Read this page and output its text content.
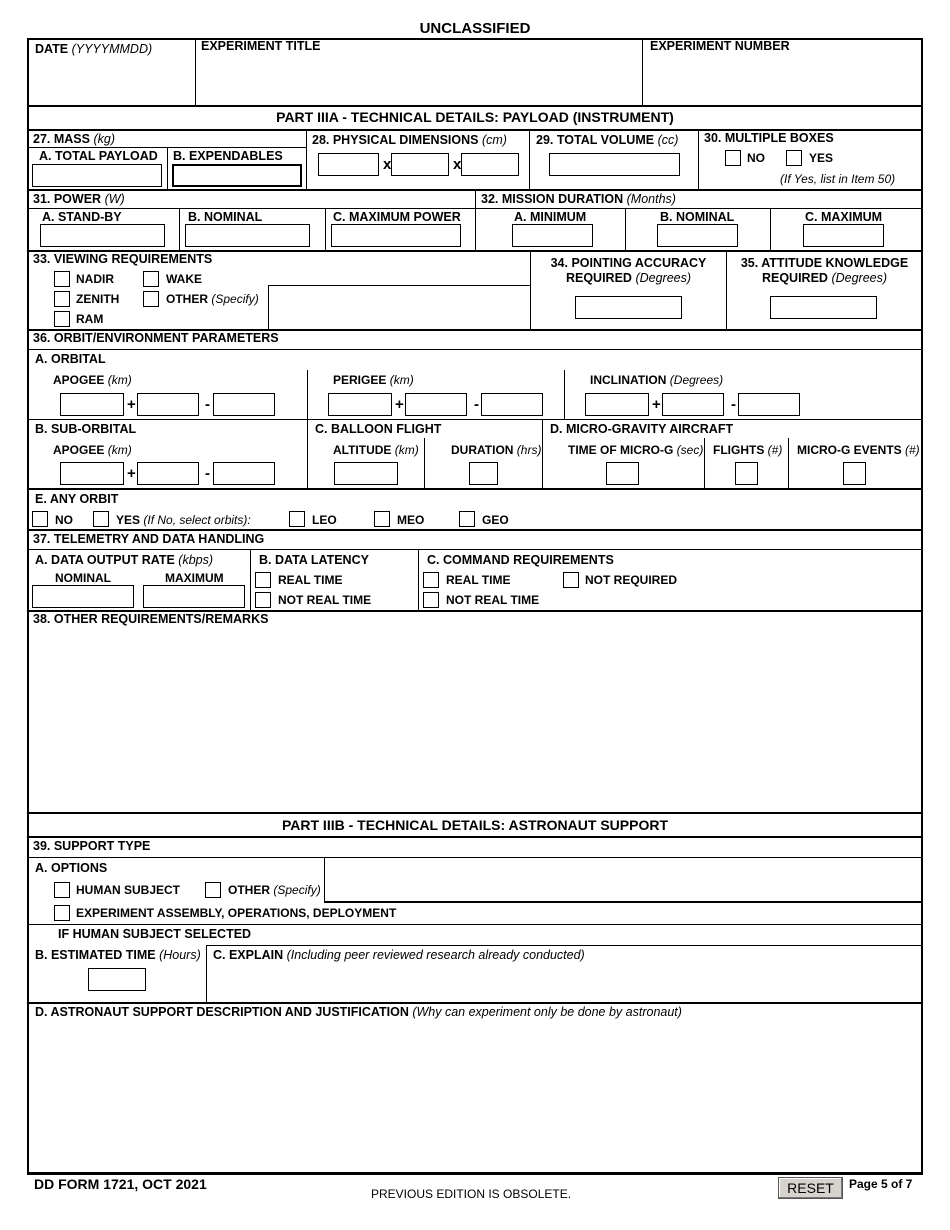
UNCLASSIFIED
DATE (YYYYMMDD)	EXPERIMENT TITLE	EXPERIMENT NUMBER
PART IIIA - TECHNICAL DETAILS: PAYLOAD (INSTRUMENT)
27. MASS (kg)
A. TOTAL PAYLOAD B. EXPENDABLES
28. PHYSICAL DIMENSIONS (cm)
x	x
29. TOTAL VOLUME (cc) 30. MULTIPLE BOXES
NO	YES
(If Yes, list in Item 50)
31. POWER (W)	32. MISSION DURATION (Months)
A. STAND-BY	B. NOMINAL	C. MAXIMUM POWER	A. MINIMUM	B. NOMINAL	C. MAXIMUM
33. VIEWING REQUIREMENTS
NADIR	WAKE
ZENITH	OTHER (Specify)
RAM
34. POINTING ACCURACY
REQUIRED (Degrees)
35. ATTITUDE KNOWLEDGE
REQUIRED (Degrees)
36. ORBIT/ENVIRONMENT PARAMETERS
A. ORBITAL
APOGEE (km)
+	-
PERIGEE (km)
+	-
INCLINATION (Degrees)
+	-
B. SUB-ORBITAL
APOGEE (km)
+	-
C. BALLOON FLIGHT
ALTITUDE (km)	DURATION (hrs)
D. MICRO-GRAVITY AIRCRAFT
TIME OF MICRO-G (sec) FLIGHTS (#) MICRO-G EVENTS (#)
E. ANY ORBIT
NO	YES (If No, select orbits):	LEO	MEO	GEO
37. TELEMETRY AND DATA HANDLING
A. DATA OUTPUT RATE (kbps)
NOMINAL	MAXIMUM
B. DATA LATENCY
REAL TIME
NOT REAL TIME
C. COMMAND REQUIREMENTS
REAL TIME	NOT REQUIRED
NOT REAL TIME
38. OTHER REQUIREMENTS/REMARKS
PART IIIB - TECHNICAL DETAILS: ASTRONAUT SUPPORT
39. SUPPORT TYPE
A. OPTIONS
HUMAN SUBJECT	OTHER (Specify)
EXPERIMENT ASSEMBLY, OPERATIONS, DEPLOYMENT
IF HUMAN SUBJECT SELECTED
B. ESTIMATED TIME (Hours) C. EXPLAIN (Including peer reviewed research already conducted)
D. ASTRONAUT SUPPORT DESCRIPTION AND JUSTIFICATION (Why can experiment only be done by astronaut)
DD FORM 1721, OCT 2021
PREVIOUS EDITION IS OBSOLETE.	RESET	Page 5 of 7
